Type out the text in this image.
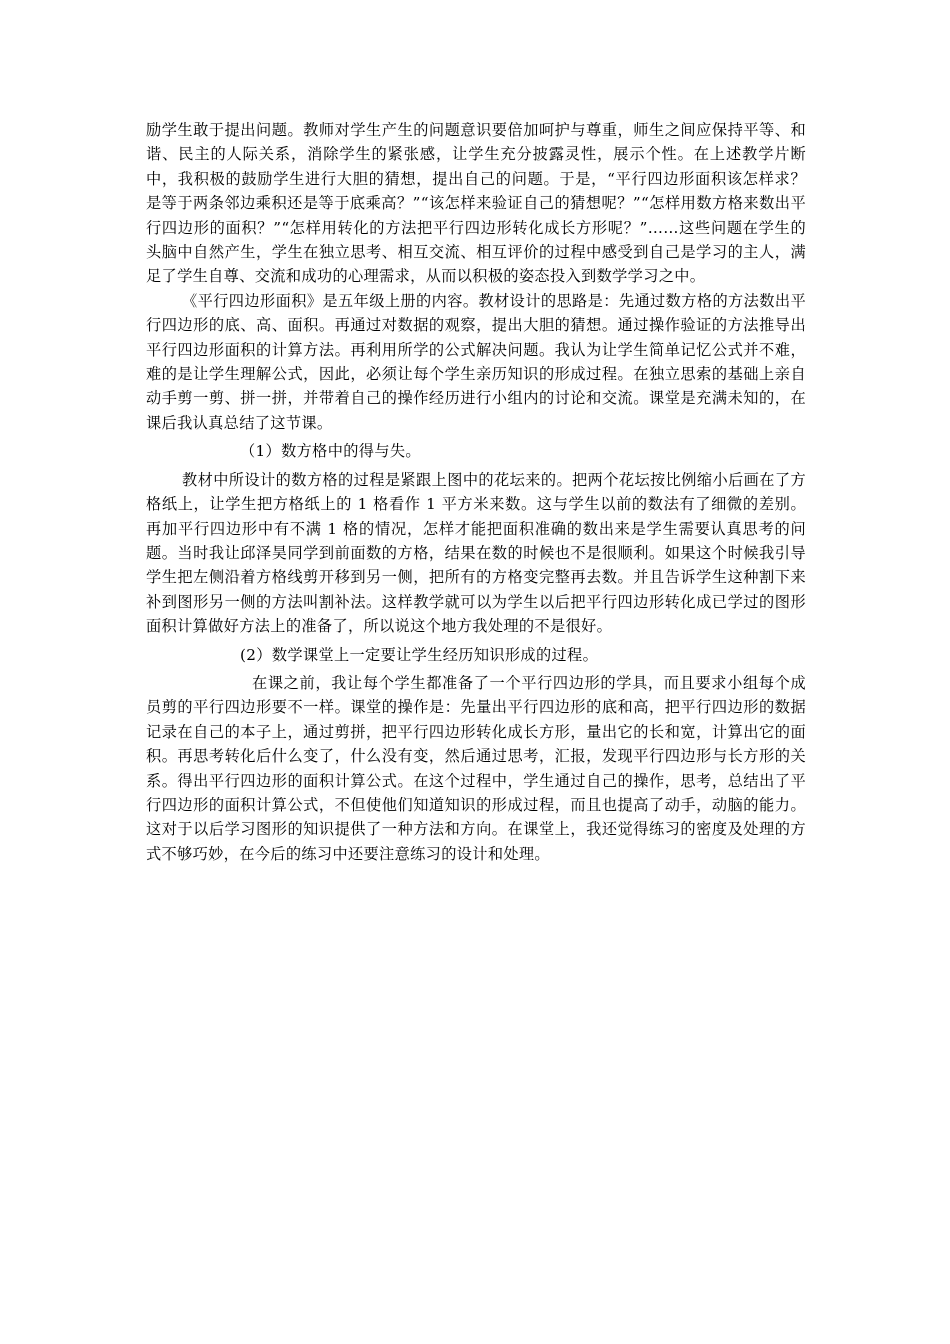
励学生敢于提出问题。教师对学生产生的问题意识要倍加呵护与尊重，师生之间应保持平等、和谐、民主的人际关系，消除学生的紧张感，让学生充分披露灵性，展示个性。在上述教学片断中，我积极的鼓励学生进行大胆的猜想，提出自己的问题。于是，“平行四边形面积该怎样求？是等于两条邻边乘积还是等于底乘高？”“该怎样来验证自己的猜想呢？”“怎样用数方格来数出平行四边形的面积？”“怎样用转化的方法把平行四边形转化成长方形呢？”……这些问题在学生的头脑中自然产生，学生在独立思考、相互交流、相互评价的过程中感受到自己是学习的主人，满足了学生自尊、交流和成功的心理需求，从而以积极的姿态投入到数学学习之中。

《平行四边形面积》是五年级上册的内容。教材设计的思路是：先通过数方格的方法数出平行四边形的底、高、面积。再通过对数据的观察，提出大胆的猜想。通过操作验证的方法推导出平行四边形面积的计算方法。再利用所学的公式解决问题。我认为让学生简单记忆公式并不难，难的是让学生理解公式，因此，必须让每个学生亲历知识的形成过程。在独立思索的基础上亲自动手剪一剪、拼一拼，并带着自己的操作经历进行小组内的讨论和交流。课堂是充满未知的，在课后我认真总结了这节课。

（1）数方格中的得与失。

教材中所设计的数方格的过程是紧跟上图中的花坛来的。把两个花坛按比例缩小后画在了方格纸上，让学生把方格纸上的 1 格看作 1 平方米来数。这与学生以前的数法有了细微的差别。再加平行四边形中有不满 1 格的情况，怎样才能把面积准确的数出来是学生需要认真思考的问题。当时我让邱泽昊同学到前面数的方格，结果在数的时候也不是很顺利。如果这个时候我引导学生把左侧沿着方格线剪开移到另一侧，把所有的方格变完整再去数。并且告诉学生这种割下来补到图形另一侧的方法叫割补法。这样教学就可以为学生以后把平行四边形转化成已学过的图形面积计算做好方法上的准备了，所以说这个地方我处理的不是很好。

(2）数学课堂上一定要让学生经历知识形成的过程。

在课之前，我让每个学生都准备了一个平行四边形的学具，而且要求小组每个成员剪的平行四边形要不一样。课堂的操作是：先量出平行四边形的底和高，把平行四边形的数据记录在自己的本子上，通过剪拼，把平行四边形转化成长方形，量出它的长和宽，计算出它的面积。再思考转化后什么变了，什么没有变，然后通过思考，汇报，发现平行四边形与长方形的关系。得出平行四边形的面积计算公式。在这个过程中，学生通过自己的操作，思考，总结出了平行四边形的面积计算公式，不但使他们知道知识的形成过程，而且也提高了动手，动脑的能力。这对于以后学习图形的知识提供了一种方法和方向。在课堂上，我还觉得练习的密度及处理的方式不够巧妙，在今后的练习中还要注意练习的设计和处理。
